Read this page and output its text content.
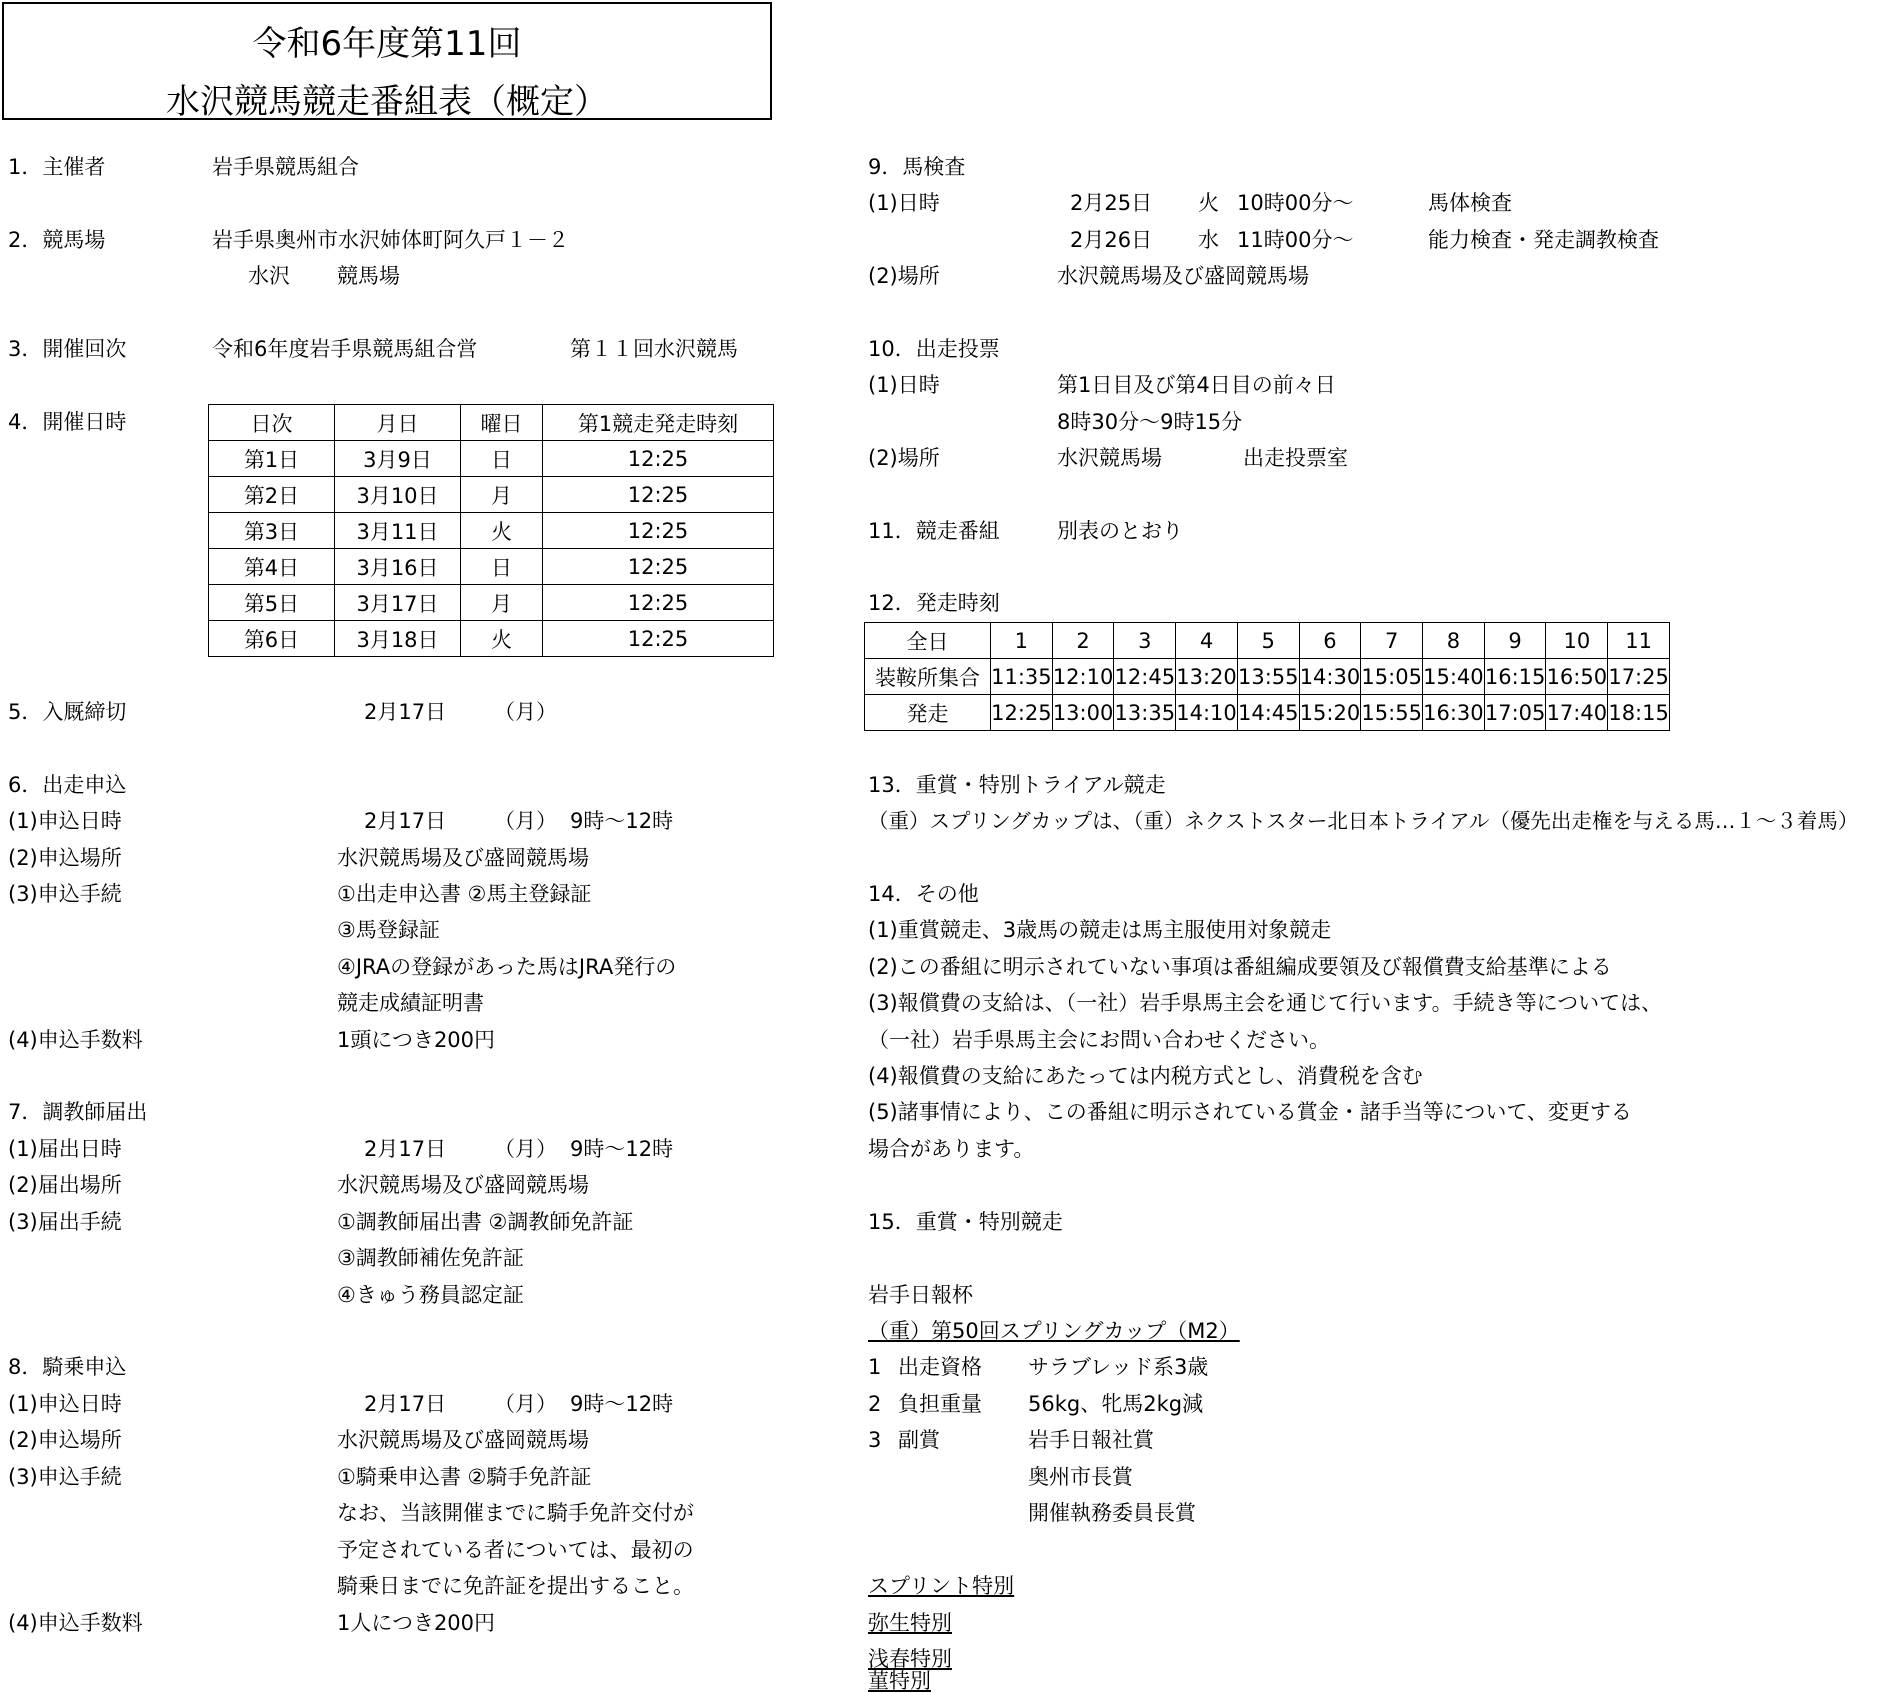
令和6年度第11回
水沢競馬競走番組表（概定）
1．主催者	岩手県競馬組合
2．競馬場	岩手県奥州市水沢姉体町阿久戸１－２
水沢 競馬場
3．開催回次	令和6年度岩手県競馬組合営	第１１回水沢競馬
4．開催日時	日次	月日	曜日	第1競走発走時刻
第1日	3月9日	日	12:25
第2日	3月10日	月	12:25
第3日	3月11日	火	12:25
第4日	3月16日	日	12:25
第5日	3月17日	月	12:25
第6日	3月18日	火	12:25
5．入厩締切	2月17日 （月）
6．出走申込
(1)申込日時	2月17日 （月） 9時～12時
(2)申込場所	水沢競馬場及び盛岡競馬場
(3)申込手続	①出走申込書 ②馬主登録証
③馬登録証
④JRAの登録があった馬はJRA発行の
競走成績証明書
(4)申込手数料	1頭につき200円
7．調教師届出
(1)届出日時	2月17日 （月） 9時～12時
(2)届出場所	水沢競馬場及び盛岡競馬場
(3)届出手続	①調教師届出書 ②調教師免許証
③調教師補佐免許証
④きゅう務員認定証
8．騎乗申込
(1)申込日時	2月17日 （月） 9時～12時
(2)申込場所	水沢競馬場及び盛岡競馬場
(3)申込手続	①騎乗申込書 ②騎手免許証
なお、当該開催までに騎手免許交付が
予定されている者については、最初の
騎乗日までに免許証を提出すること。
(4)申込手数料	1人につき200円
9．馬検査
(1)日時	2月25日 火 10時00分～	馬体検査
2月26日 水 11時00分～	能力検査・発走調教検査
(2)場所	水沢競馬場及び盛岡競馬場
10．出走投票
(1)日時	第1日目及び第4日目の前々日
8時30分～9時15分
(2)場所	水沢競馬場	出走投票室
11．競走番組	別表のとおり
12．発走時刻
全日	1	2	3	4	5	6	7	8	9	10	11
装鞍所集合	11:35	12:10	12:45	13:20	13:55	14:30	15:05	15:40	16:15	16:50	17:25
発走	12:25	13:00	13:35	14:10	14:45	15:20	15:55	16:30	17:05	17:40	18:15
13．重賞・特別トライアル競走
（重）スプリングカップは、（重）ネクストスター北日本トライアル（優先出走権を与える馬…１～３着馬）
14．その他
(1)重賞競走、3歳馬の競走は馬主服使用対象競走
(2)この番組に明示されていない事項は番組編成要領及び報償費支給基準による
(3)報償費の支給は、（一社）岩手県馬主会を通じて行います。手続き等については、
（一社）岩手県馬主会にお問い合わせください。
(4)報償費の支給にあたっては内税方式とし、消費税を含む
(5)諸事情により、この番組に明示されている賞金・諸手当等について、変更する
場合があります。
15．重賞・特別競走
岩手日報杯
（重）第50回スプリングカップ（M2）
1 出走資格 サラブレッド系3歳
2 負担重量 56kg、牝馬2kg減
3 副賞	岩手日報社賞
奥州市長賞
開催執務委員長賞
スプリント特別
弥生特別
浅春特別
菫特別
